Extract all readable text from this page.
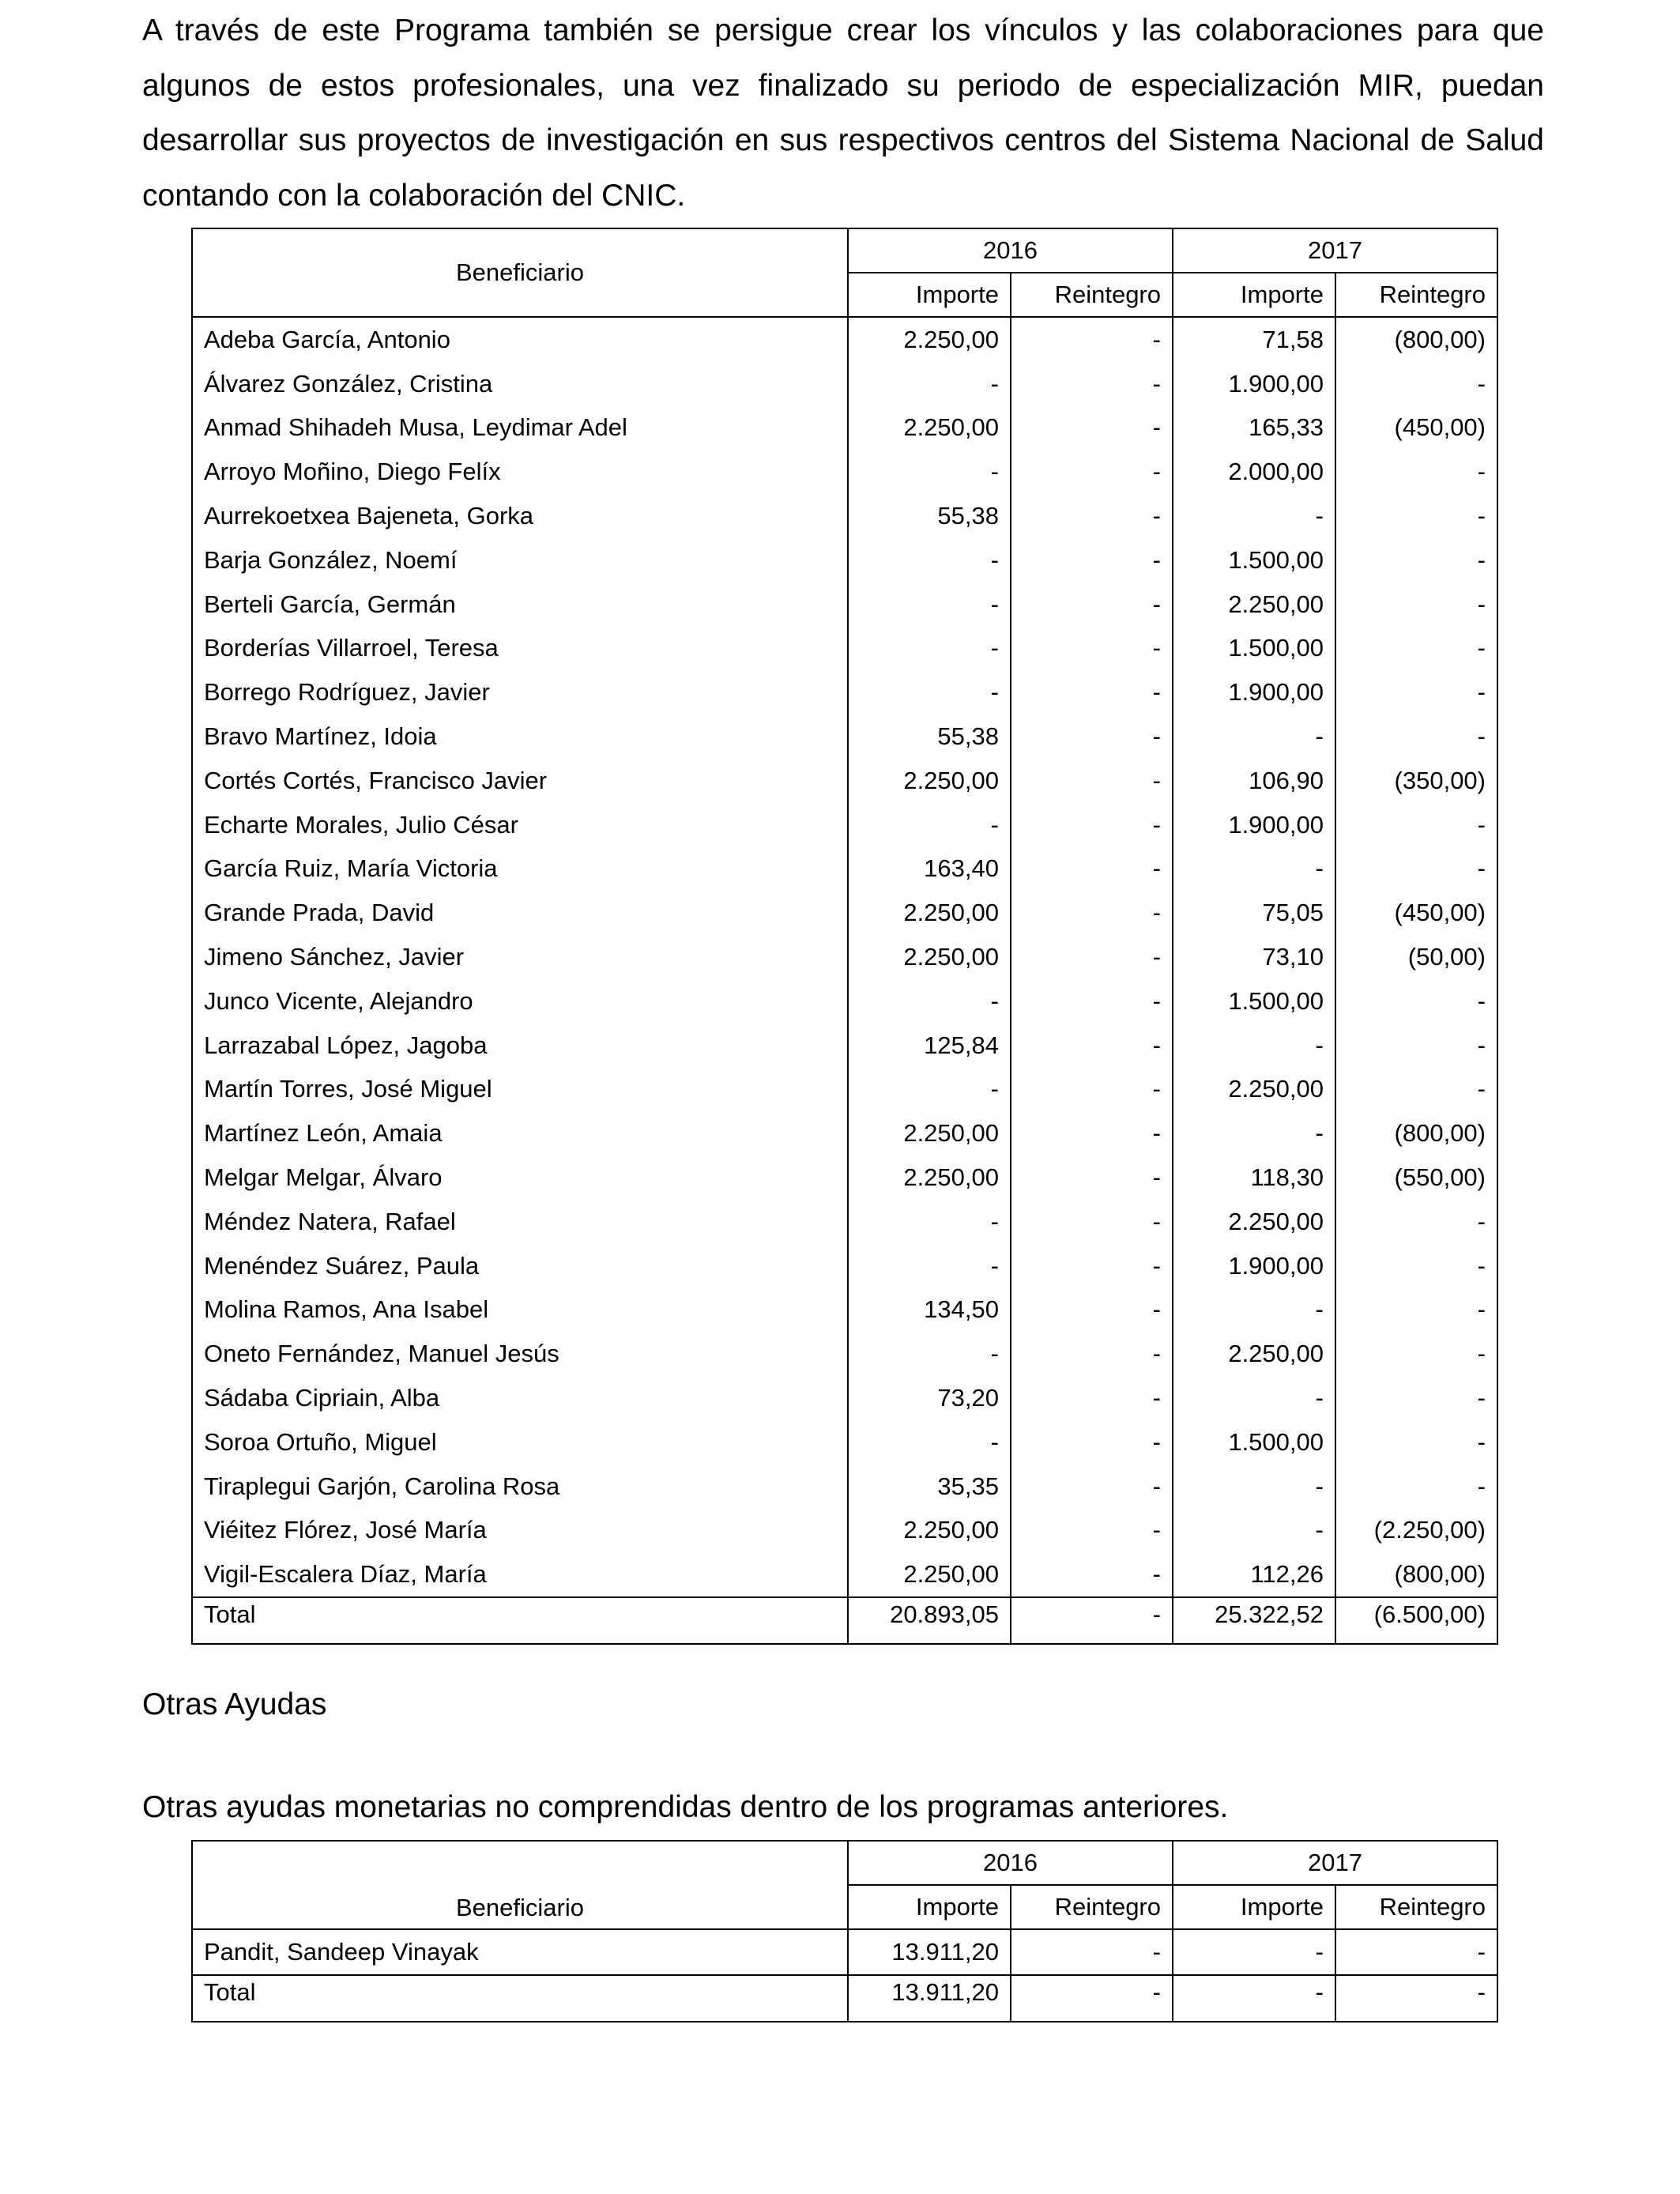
A través de este Programa también se persigue crear los vínculos y las colaboraciones para que algunos de estos profesionales, una vez finalizado su periodo de especialización MIR, puedan desarrollar sus proyectos de investigación en sus respectivos centros del Sistema Nacional de Salud contando con la colaboración del CNIC.

Beneficiario	2016		2017	
	Importe	Reintegro	Importe	Reintegro
Adeba García, Antonio	2.250,00	-	71,58	(800,00)
Álvarez González, Cristina	-	-	1.900,00	-
Anmad Shihadeh Musa, Leydimar Adel	2.250,00	-	165,33	(450,00)
Arroyo Moñino, Diego Felíx	-	-	2.000,00	-
Aurrekoetxea Bajeneta, Gorka	55,38	-	-	-
Barja González, Noemí	-	-	1.500,00	-
Berteli García, Germán	-	-	2.250,00	-
Borderías Villarroel, Teresa	-	-	1.500,00	-
Borrego Rodríguez, Javier	-	-	1.900,00	-
Bravo Martínez, Idoia	55,38	-	-	-
Cortés Cortés, Francisco Javier	2.250,00	-	106,90	(350,00)
Echarte Morales, Julio César	-	-	1.900,00	-
García Ruiz, María Victoria	163,40	-	-	-
Grande Prada, David	2.250,00	-	75,05	(450,00)
Jimeno Sánchez, Javier	2.250,00	-	73,10	(50,00)
Junco Vicente, Alejandro	-	-	1.500,00	-
Larrazabal López, Jagoba	125,84	-	-	-
Martín Torres, José Miguel	-	-	2.250,00	-
Martínez León, Amaia	2.250,00	-	-	(800,00)
Melgar Melgar, Álvaro	2.250,00	-	118,30	(550,00)
Méndez Natera, Rafael	-	-	2.250,00	-
Menéndez Suárez, Paula	-	-	1.900,00	-
Molina Ramos, Ana Isabel	134,50	-	-	-
Oneto Fernández, Manuel Jesús	-	-	2.250,00	-
Sádaba Cipriain, Alba	73,20	-	-	-
Soroa Ortuño, Miguel	-	-	1.500,00	-
Tiraplegui Garjón, Carolina Rosa	35,35	-	-	-
Viéitez Flórez, José María	2.250,00	-	-	(2.250,00)
Vigil-Escalera Díaz, María	2.250,00	-	112,26	(800,00)
Total	20.893,05	-	25.322,52	(6.500,00)
Otras Ayudas

Otras ayudas monetarias no comprendidas dentro de los programas anteriores.

Beneficiario	2016		2017	
	Importe	Reintegro	Importe	Reintegro
Pandit, Sandeep Vinayak	13.911,20	-	-	-
Total	13.911,20	-	-	-
